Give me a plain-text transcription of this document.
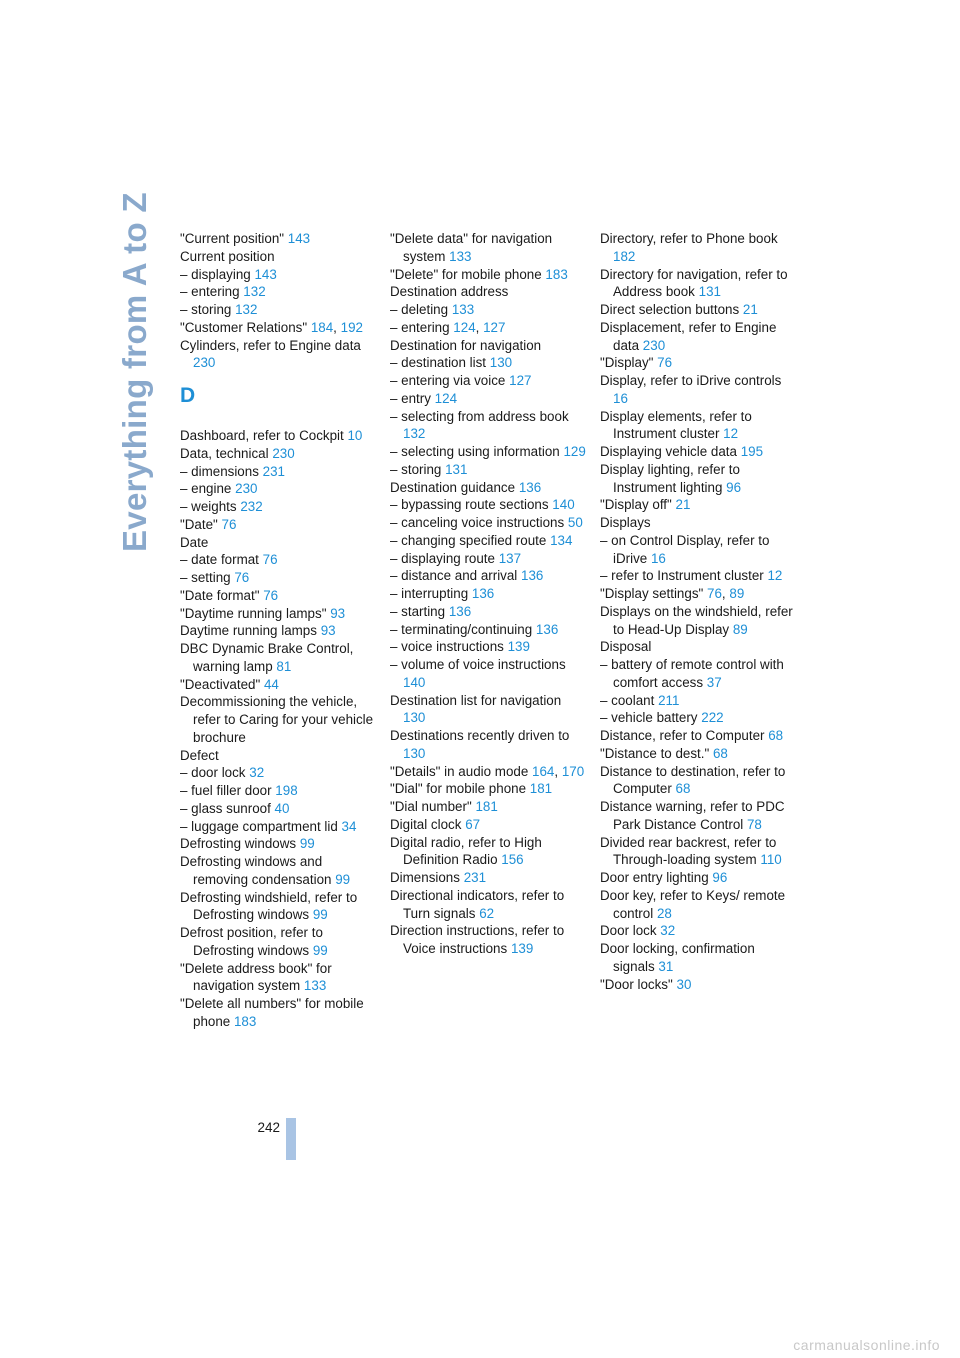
Everything from A to Z "Current position" 143
Current position
– displaying 143
– entering 132
– storing 132
"Customer Relations" 184, 192
Cylinders, refer to Engine data 230
D
Dashboard, refer to Cockpit 10
Data, technical 230
– dimensions 231
– engine 230
– weights 232
"Date" 76
Date
– date format 76
– setting 76
"Date format" 76
"Daytime running lamps" 93
Daytime running lamps 93
DBC Dynamic Brake Control, warning lamp 81
"Deactivated" 44
Decommissioning the vehicle, refer to Caring for your vehicle brochure
Defect
– door lock 32
– fuel filler door 198
– glass sunroof 40
– luggage compartment lid 34
Defrosting windows 99
Defrosting windows and removing condensation 99
Defrosting windshield, refer to Defrosting windows 99
Defrost position, refer to Defrosting windows 99
"Delete address book" for navigation system 133
"Delete all numbers" for mobile phone 183
"Delete data" for navigation system 133
"Delete" for mobile phone 183
Destination address
– deleting 133
– entering 124, 127
Destination for navigation
– destination list 130
– entering via voice 127
– entry 124
– selecting from address book 132
– selecting using information 129
– storing 131
Destination guidance 136
– bypassing route sections 140
– canceling voice instructions 50
– changing specified route 134
– displaying route 137
– distance and arrival 136
– interrupting 136
– starting 136
– terminating/continuing 136
– voice instructions 139
– volume of voice instructions 140
Destination list for navigation 130
Destinations recently driven to 130
"Details" in audio mode 164, 170
"Dial" for mobile phone 181
"Dial number" 181
Digital clock 67
Digital radio, refer to High Definition Radio 156
Dimensions 231
Directional indicators, refer to Turn signals 62
Direction instructions, refer to Voice instructions 139
Directory, refer to Phone book 182
Directory for navigation, refer to Address book 131
Direct selection buttons 21
Displacement, refer to Engine data 230
"Display" 76
Display, refer to iDrive controls 16
Display elements, refer to Instrument cluster 12
Displaying vehicle data 195
Display lighting, refer to Instrument lighting 96
"Display off" 21
Displays
– on Control Display, refer to iDrive 16
– refer to Instrument cluster 12
"Display settings" 76, 89
Displays on the windshield, refer to Head-Up Display 89
Disposal
– battery of remote control with comfort access 37
– coolant 211
– vehicle battery 222
Distance, refer to Computer 68
"Distance to dest." 68
Distance to destination, refer to Computer 68
Distance warning, refer to PDC Park Distance Control 78
Divided rear backrest, refer to Through-loading system 110
Door entry lighting 96
Door key, refer to Keys/ remote control 28
Door lock 32
Door locking, confirmation signals 31
"Door locks" 30
242
carmanualsonline.info
